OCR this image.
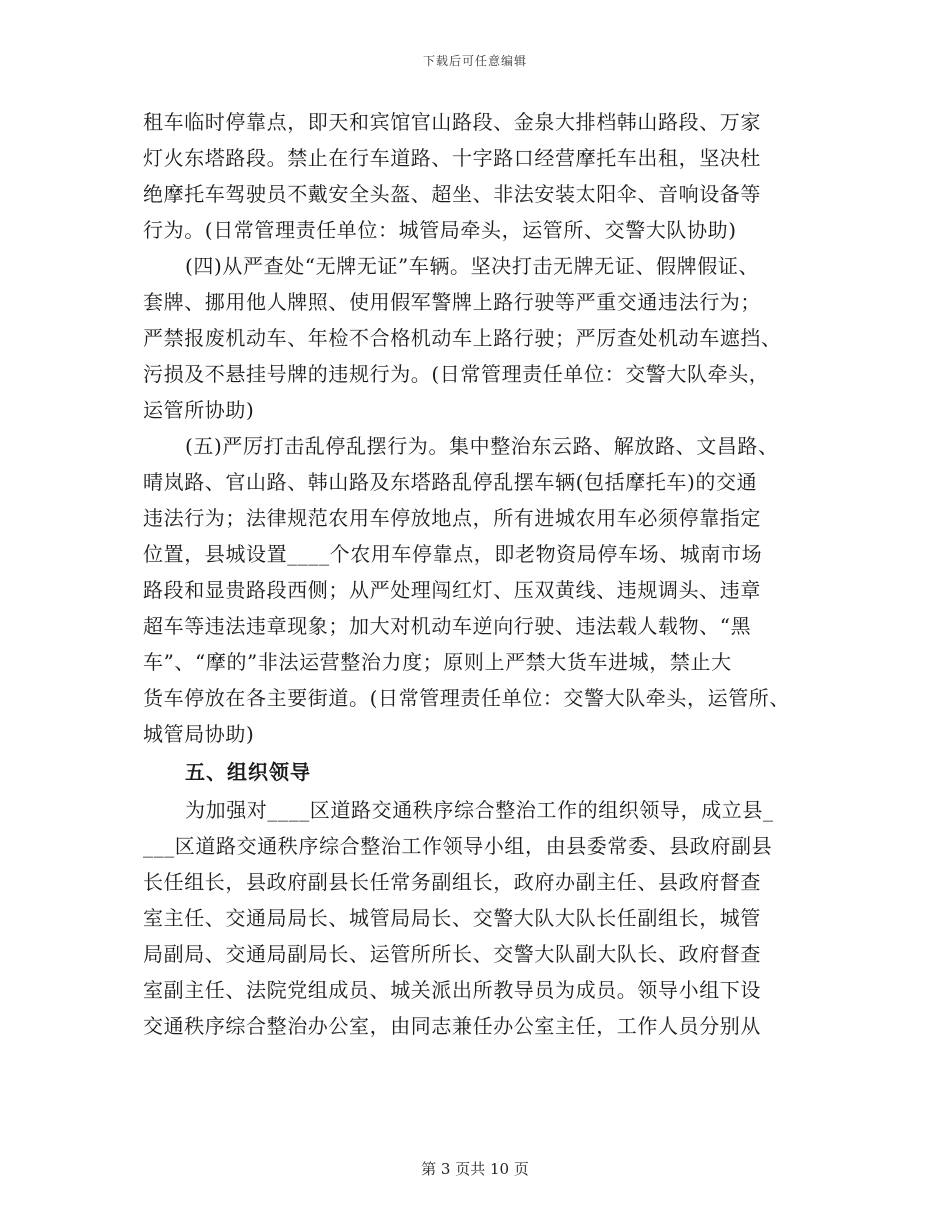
下载后可任意编辑
租车临时停靠点，即天和宾馆官山路段、金泉大排档韩山路段、万家
灯火东塔路段。禁止在行车道路、十字路口经营摩托车出租，坚决杜
绝摩托车驾驶员不戴安全头盔、超坐、非法安装太阳伞、音响设备等
行为。(日常管理责任单位：城管局牵头，运管所、交警大队协助)
(四)从严查处“无牌无证”车辆。坚决打击无牌无证、假牌假证、
套牌、挪用他人牌照、使用假军警牌上路行驶等严重交通违法行为；
严禁报废机动车、年检不合格机动车上路行驶；严厉查处机动车遮挡、
污损及不悬挂号牌的违规行为。(日常管理责任单位：交警大队牵头，
运管所协助)
(五)严厉打击乱停乱摆行为。集中整治东云路、解放路、文昌路、
晴岚路、官山路、韩山路及东塔路乱停乱摆车辆(包括摩托车)的交通
违法行为；法律规范农用车停放地点，所有进城农用车必须停靠指定
位置，县城设置____个农用车停靠点，即老物资局停车场、城南市场
路段和显贵路段西侧；从严处理闯红灯、压双黄线、违规调头、违章
超车等违法违章现象；加大对机动车逆向行驶、违法载人载物、“黑
车”、“摩的”非法运营整治力度；原则上严禁大货车进城，禁止大
货车停放在各主要街道。(日常管理责任单位：交警大队牵头，运管所、
城管局协助)
五、组织领导
为加强对____区道路交通秩序综合整治工作的组织领导，成立县_
___区道路交通秩序综合整治工作领导小组，由县委常委、县政府副县
长任组长，县政府副县长任常务副组长，政府办副主任、县政府督查
室主任、交通局局长、城管局局长、交警大队大队长任副组长，城管
局副局、交通局副局长、运管所所长、交警大队副大队长、政府督查
室副主任、法院党组成员、城关派出所教导员为成员。领导小组下设
交通秩序综合整治办公室，由同志兼任办公室主任，工作人员分别从
第 3 页共 10 页
